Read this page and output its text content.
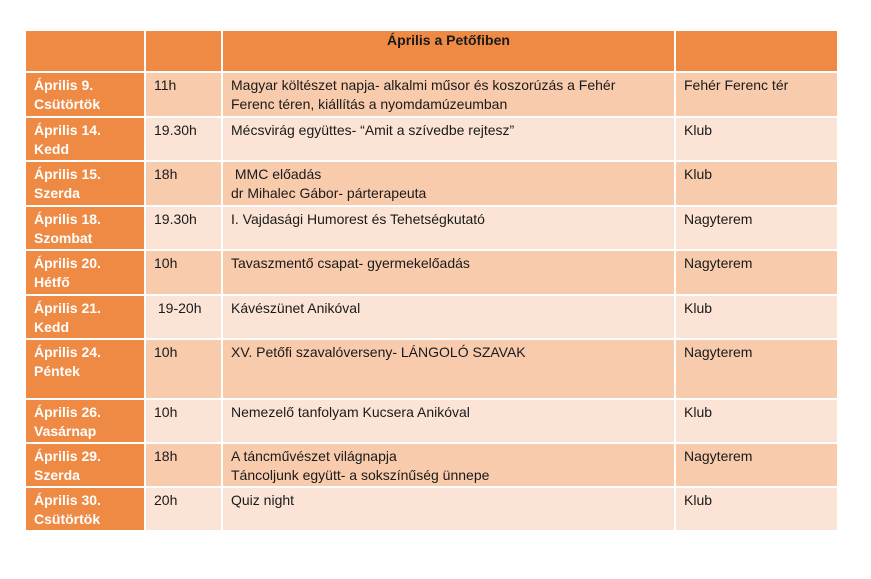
		Április a Petőfiben	

Április 9.
Csütörtök	11h	Magyar költészet napja- alkalmi műsor és koszorúzás a Fehér
Ferenc téren, kiállítás a nyomdamúzeumban	Fehér Ferenc tér

Április 14.
Kedd	19.30h	Mécsvirág együttes- “Amit a szívedbe rejtesz”	Klub

Április 15.
Szerda	18h	MMC előadás
dr Mihalec Gábor- párterapeuta	Klub

Április 18.
Szombat	19.30h	I. Vajdasági Humorest és Tehetségkutató	Nagyterem

Április 20.
Hétfő	10h	Tavaszmentő csapat- gyermekelőadás	Nagyterem

Április 21.
Kedd	19-20h	Kávészünet Anikóval	Klub

Április 24.
Péntek	10h	XV. Petőfi szavalóverseny- LÁNGOLÓ SZAVAK	Nagyterem

Április 26.
Vasárnap	10h	Nemezelő tanfolyam Kucsera Anikóval	Klub

Április 29.
Szerda	18h	A táncművészet világnapja
Táncoljunk együtt- a sokszínűség ünnepe	Nagyterem

Április 30.
Csütörtök	20h	Quiz night	Klub
